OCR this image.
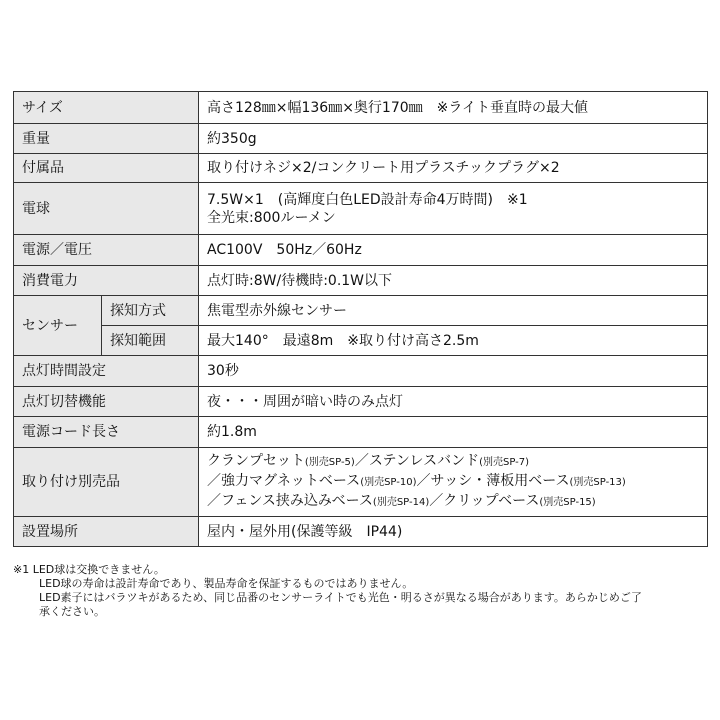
サイズ		高さ128㎜×幅136㎜×奥行170㎜　※ライト垂直時の最大値
重量		約350g
付属品		取り付けネジ×2/コンクリート用プラスチックプラグ×2
電球		7.5W×1　(高輝度白色LED設計寿命4万時間)　※1
全光束:800ルーメン

電源／電圧		AC100V　50Hz／60Hz
消費電力		点灯時:8W/待機時:0.1W以下
センサー	探知方式	焦電型赤外線センサー
	探知範囲	最大140°　最遠8m　※取り付け高さ2.5m
点灯時間設定		30秒
点灯切替機能		夜・・・周囲が暗い時のみ点灯
電源コード長さ		約1.8m
取り付け別売品		クランプセット(別売SP-5)／ステンレスバンド(別売SP-7)
／強力マグネットベース(別売SP-10)／サッシ・薄板用ベース(別売SP-13)
／フェンス挟み込みベース(別売SP-14)／クリップベース(別売SP-15)

設置場所		屋内・屋外用(保護等級　IP44)
※1 LED球は交換できません。
LED球の寿命は設計寿命であり、製品寿命を保証するものではありません。
LED素子にはバラツキがあるため、同じ品番のセンサーライトでも光色・明るさが異なる場合があります。あらかじめご了
承ください。
